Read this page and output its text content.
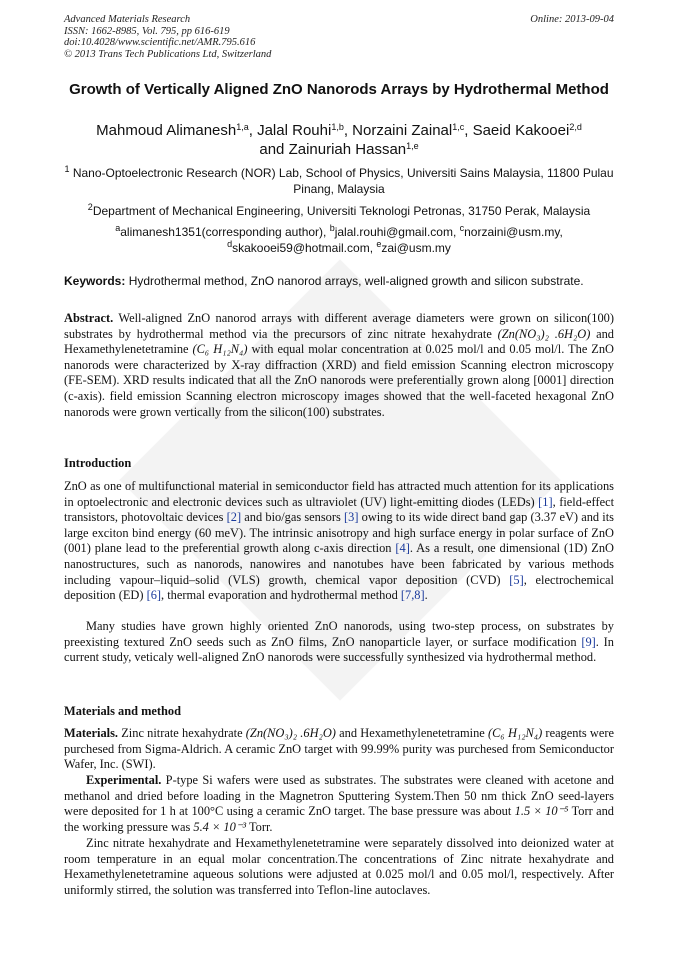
Advanced Materials Research
ISSN: 1662-8985, Vol. 795, pp 616-619
doi:10.4028/www.scientific.net/AMR.795.616
© 2013 Trans Tech Publications Ltd, Switzerland
Online: 2013-09-04
Growth of Vertically Aligned ZnO Nanorods Arrays by Hydrothermal Method
Mahmoud Alimanesh$^{1,a}$, Jalal Rouhi$^{1,b}$, Norzaini Zainal$^{1,c}$, Saeid Kakooei$^{2,d}$
and Zainuriah Hassan$^{1,e}$
$^1$ Nano-Optoelectronic Research (NOR) Lab, School of Physics, Universiti Sains Malaysia, 11800 Pulau Pinang, Malaysia
$^2$Department of Mechanical Engineering, Universiti Teknologi Petronas, 31750 Perak, Malaysia
$^a$alimanesh1351(corresponding author), $^b$jalal.rouhi@gmail.com, $^c$norzaini@usm.my,
$^d$skakooei59@hotmail.com, $^e$zai@usm.my
Keywords: Hydrothermal method, ZnO nanorod arrays, well-aligned growth and silicon substrate.
Abstract. Well-aligned ZnO nanorod arrays with different average diameters were grown on silicon(100) substrates by hydrothermal method via the precursors of zinc nitrate hexahydrate (Zn(NO₃)₂ .6H₂O) and Hexamethylenetetramine (C₆ H₁₂N₄) with equal molar concentration at 0.025 mol/l and 0.05 mol/l. The ZnO nanorods were characterized by X-ray diffraction (XRD) and field emission Scanning electron microscopy (FE-SEM). XRD results indicated that all the ZnO nanorods were preferentially grown along [0001] direction (c-axis). field emission Scanning electron microscopy images showed that the well-faceted hexagonal ZnO nanorods were grown vertically from the silicon(100) substrates.
Introduction
ZnO as one of multifunctional material in semiconductor field has attracted much attention for its applications in optoelectronic and electronic devices such as ultraviolet (UV) light-emitting diodes (LEDs) [1], field-effect transistors, photovoltaic devices [2] and bio/gas sensors [3] owing to its wide direct band gap (3.37 eV) and its large exciton bind energy (60 meV). The intrinsic anisotropy and high surface energy in polar surface of ZnO (001) plane lead to the preferential growth along c-axis direction [4]. As a result, one dimensional (1D) ZnO nanostructures, such as nanorods, nanowires and nanotubes have been fabricated by various methods including vapour–liquid–solid (VLS) growth, chemical vapor deposition (CVD) [5], electrochemical deposition (ED) [6], thermal evaporation and hydrothermal method [7,8].
Many studies have grown highly oriented ZnO nanorods, using two-step process, on substrates by preexisting textured ZnO seeds such as ZnO films, ZnO nanoparticle layer, or surface modification [9]. In current study, veticaly well-aligned ZnO nanorods were successfully synthesized via hydrothermal method.
Materials and method
Materials. Zinc nitrate hexahydrate (Zn(NO₃)₂ .6H₂O) and Hexamethylenetetramine (C₆ H₁₂N₄) reagents were purchesed from Sigma-Aldrich. A ceramic ZnO target with 99.99% purity was purchesed from Semiconductor Wafer, Inc. (SWI).
Experimental. P-type Si wafers were used as substrates. The substrates were cleaned with acetone and methanol and dried before loading in the Magnetron Sputtering System.Then 50 nm thick ZnO seed-layers were deposited for 1 h at 100°C using a ceramic ZnO target. The base pressure was about 1.5 × 10⁻⁵ Torr and the working pressure was 5.4 × 10⁻³ Torr.
Zinc nitrate hexahydrate and Hexamethylenetetramine were separately dissolved into deionized water at room temperature in an equal molar concentration.The concentrations of Zinc nitrate hexahydrate and Hexamethylenetetramine aqueous solutions were adjusted at 0.025 mol/l and 0.05 mol/l, respectively. After uniformly stirred, the solution was transferred into Teflon-line autoclaves.
